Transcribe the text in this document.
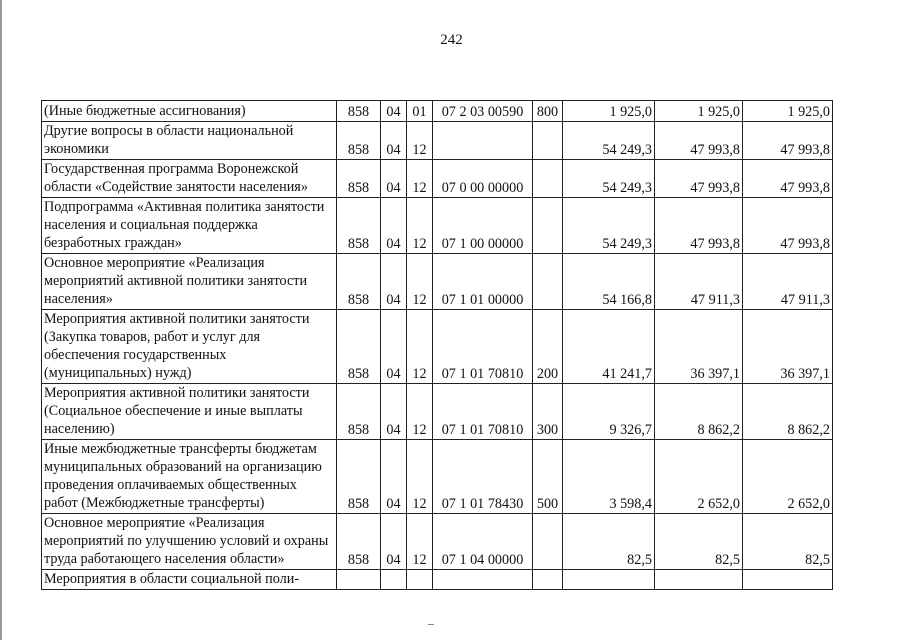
242
(Иные бюджетные ассигнования)	858	04	01	07 2 03 00590	800	1 925,0	1 925,0	1 925,0
Другие вопросы в области национальной экономики	858	04	12			54 249,3	47 993,8	47 993,8
Государственная программа Воронежской области «Содействие занятости населения»	858	04	12	07 0 00 00000		54 249,3	47 993,8	47 993,8
Подпрограмма «Активная политика занятости населения и социальная поддержка безработных граждан»	858	04	12	07 1 00 00000		54 249,3	47 993,8	47 993,8
Основное мероприятие «Реализация мероприятий активной политики занятости населения»	858	04	12	07 1 01 00000		54 166,8	47 911,3	47 911,3
Мероприятия активной политики занятости (Закупка товаров, работ и услуг для обеспечения государственных (муниципальных) нужд)	858	04	12	07 1 01 70810	200	41 241,7	36 397,1	36 397,1
Мероприятия активной политики занятости (Социальное обеспечение и иные выплаты населению)	858	04	12	07 1 01 70810	300	9 326,7	8 862,2	8 862,2
Иные межбюджетные трансферты бюджетам муниципальных образований на организацию проведения оплачиваемых общественных работ (Межбюджетные трансферты)	858	04	12	07 1 01 78430	500	3 598,4	2 652,0	2 652,0
Основное мероприятие «Реализация мероприятий по улучшению условий и охраны труда работающего населения области»	858	04	12	07 1 04 00000		82,5	82,5	82,5
Мероприятия в области социальной поли-								
